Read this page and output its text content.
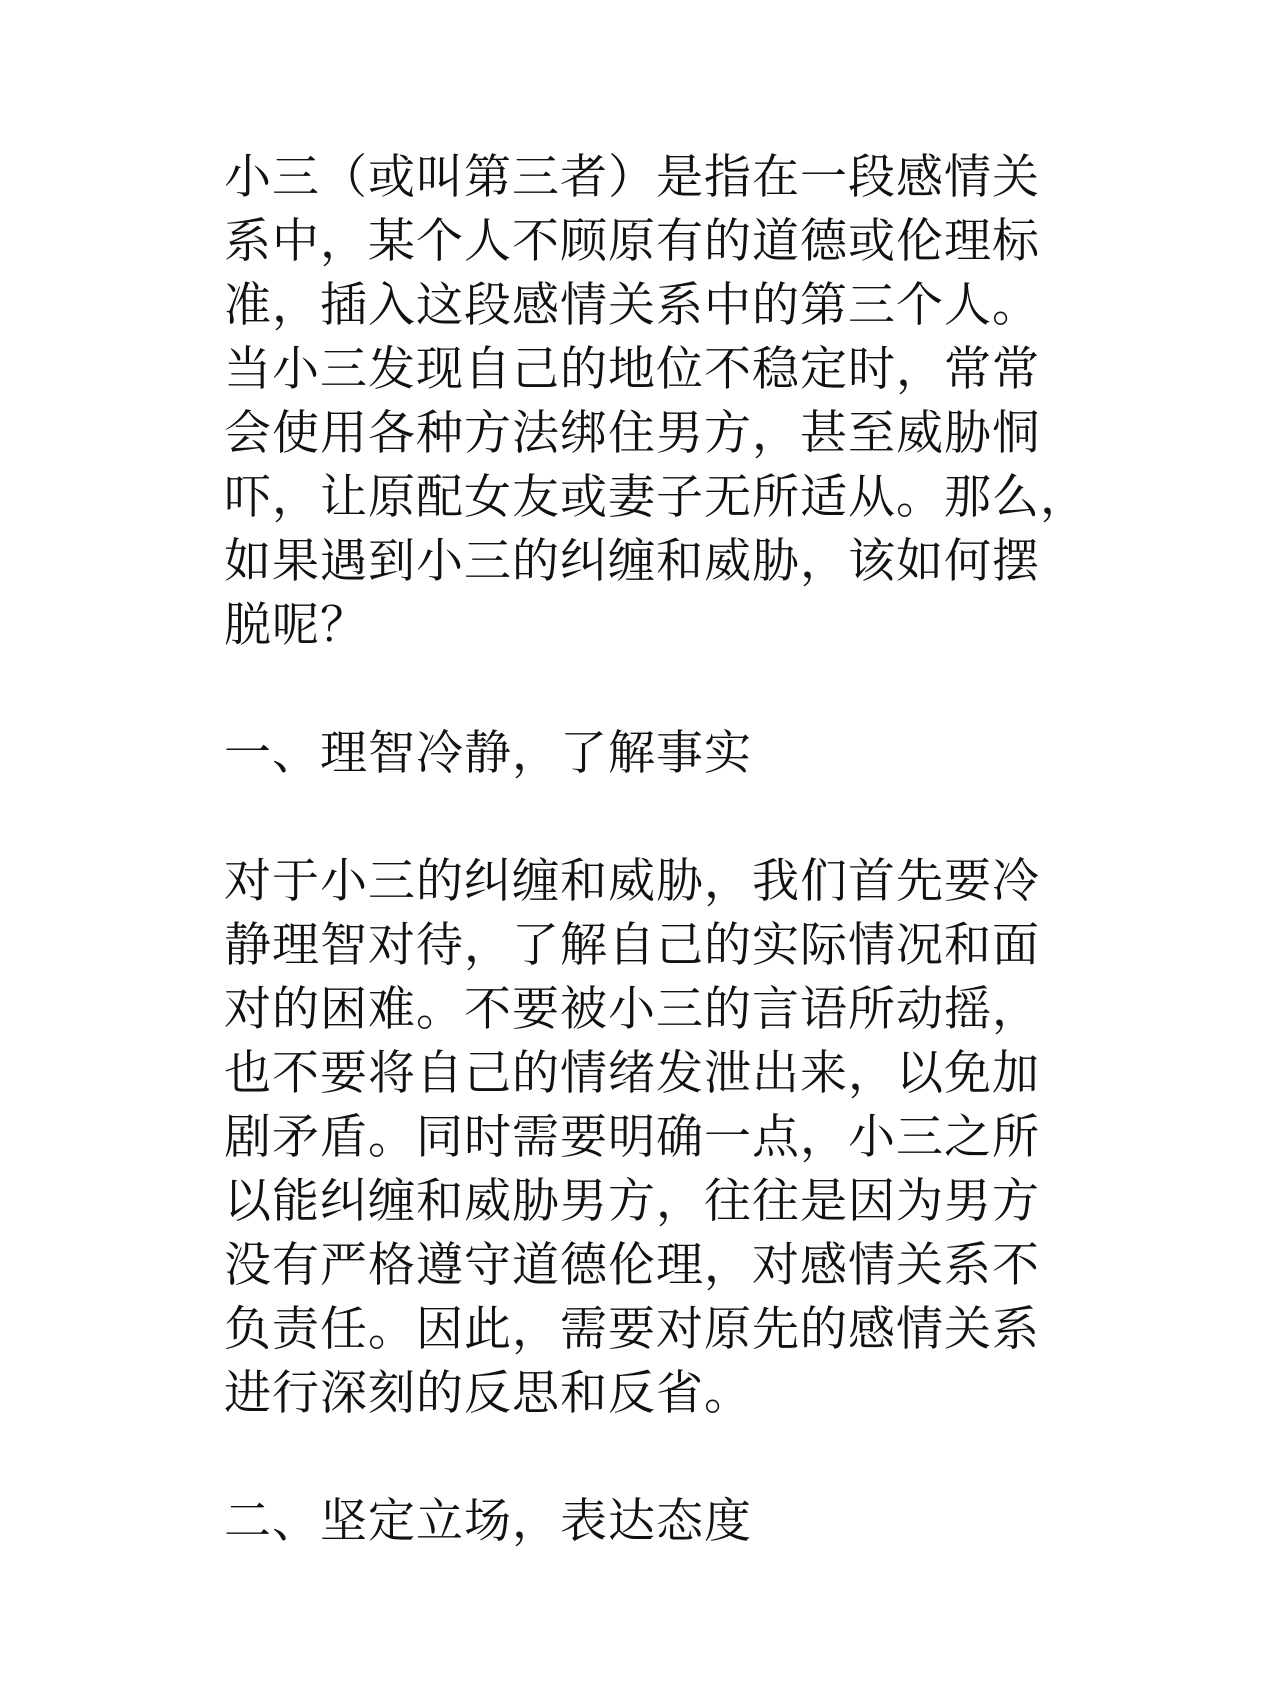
小三（或叫第三者）是指在一段感情关
系中，某个人不顾原有的道德或伦理标
准，插入这段感情关系中的第三个人。
当小三发现自己的地位不稳定时，常常
会使用各种方法绑住男方，甚至威胁恫
吓，让原配女友或妻子无所适从。那么，
如果遇到小三的纠缠和威胁，该如何摆
脱呢？
一、理智冷静，了解事实
对于小三的纠缠和威胁，我们首先要冷
静理智对待，了解自己的实际情况和面
对的困难。不要被小三的言语所动摇，
也不要将自己的情绪发泄出来，以免加
剧矛盾。同时需要明确一点，小三之所
以能纠缠和威胁男方，往往是因为男方
没有严格遵守道德伦理，对感情关系不
负责任。因此，需要对原先的感情关系
进行深刻的反思和反省。
二、坚定立场，表达态度
